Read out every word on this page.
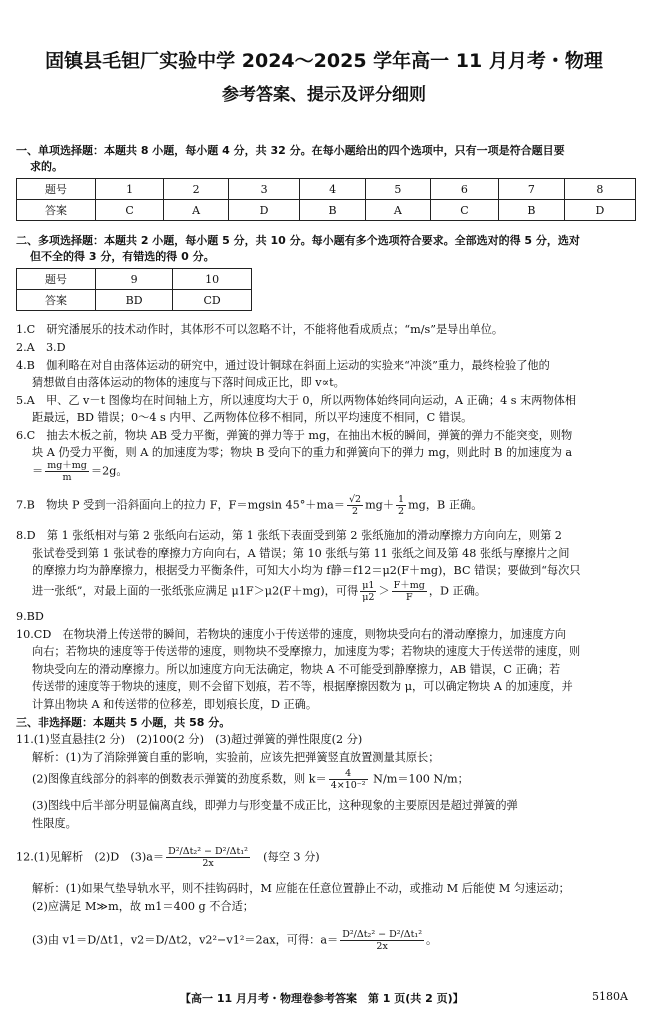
固镇县毛钽厂实验中学 2024～2025 学年高一 11 月月考・物理
参考答案、提示及评分细则
一、单项选择题：本题共 8 小题，每小题 4 分，共 32 分。在每小题给出的四个选项中，只有一项是符合题目要
求的。
题号	1	2	3	4	5	6	7	8
答案	C	A	D	B	A	C	B	D
二、多项选择题：本题共 2 小题，每小题 5 分，共 10 分。每小题有多个选项符合要求。全部选对的得 5 分，选对
但不全的得 3 分，有错选的得 0 分。
题号	9	10
答案	BD	CD
1.C　研究潘展乐的技术动作时，其体形不可以忽略不计，不能将他看成质点；“m/s”是导出单位。
2.A　3.D
4.B　伽利略在对自由落体运动的研究中，通过设计铜球在斜面上运动的实验来“冲淡”重力，最终检验了他的
猜想做自由落体运动的物体的速度与下落时间成正比，即 v∝t。
5.A　甲、乙 v－t 图像均在时间轴上方，所以速度均大于 0，所以两物体始终同向运动，A 正确；4 s 末两物体相
距最远，BD 错误；0～4 s 内甲、乙两物体位移不相同，所以平均速度不相同，C 错误。
6.C　抽去木板之前，物块 AB 受力平衡，弹簧的弹力等于 mg，在抽出木板的瞬间，弹簧的弹力不能突变，则物
块 A 仍受力平衡，则 A 的加速度为零；物块 B 受向下的重力和弹簧向下的弹力 mg，则此时 B 的加速度为 a
＝ $\frac{mg+mg}{m} =2g$。
7.B　物块 P 受到一沿斜面向上的拉力 F，F＝mgsin $45^\circ+ma= \frac{√2}{2} mg+ \frac{1}{2}$ mg，B 正确。
8.D　第 1 张纸相对与第 2 张纸向右运动，第 1 张纸下表面受到第 2 张纸施加的滑动摩擦力方向向左，则第 2
张试卷受到第 1 张试卷的摩擦力方向向右，A 错误；第 10 张纸与第 11 张纸之间及第 48 张纸与摩擦片之间
的摩擦力均为静摩擦力，根据受力平衡条件，可知大小均为 f静＝f12＝μ2(F＋mg)，BC 错误；要做到“每次只
进一张纸”，对最上面的一张纸张应满足 μ1F＞μ2(F＋mg)，可得 $\frac{\mu 1}{\mu 2} > \frac{F+mg}{F}$ ，D 正确。
9.BD
10.CD　在物块滑上传送带的瞬间，若物块的速度小于传送带的速度，则物块受向右的滑动摩擦力，加速度方向
向右；若物块的速度等于传送带的速度，则物块不受摩擦力，加速度为零；若物块的速度大于传送带的速度，则
物块受向左的滑动摩擦力。所以加速度方向无法确定，物块 A 不可能受到静摩擦力，AB 错误，C 正确；若
传送带的速度等于物块的速度，则不会留下划痕，若不等，根据摩擦因数为 μ，可以确定物块 A 的加速度，并
计算出物块 A 和传送带的位移差，即划痕长度，D 正确。
三、非选择题：本题共 5 小题，共 58 分。
11.(1)竖直悬挂(2 分)　(2)100(2 分)　(3)超过弹簧的弹性限度(2 分)
解析：(1)为了消除弹簧自重的影响，实验前，应该先把弹簧竖直放置测量其原长；
(2)图像直线部分的斜率的倒数表示弹簧的劲度系数，则 $k= \frac{4}{\text{4×10⁻²}} N/m=100$ N/m；
(3)图线中后半部分明显偏离直线，即弹力与形变量不成正比，这种现象的主要原因是超过弹簧的弹
性限度。
12.(1)见解析　(2)D　$(3)a= \frac{\text{D²/Δt₂² − D²/Δt₁²}}{2x}$ 　(每空 3 分)
解析：(1)如果气垫导轨水平，则不挂钩码时，M 应能在任意位置静止不动，或推动 M 后能使 M 匀速运动；
(2)应满足 M≫m，故 m1＝400 g 不合适；
(3)由 v1＝D/Δt1，v2＝D/Δt2，v2²−v1²＝2ax，可得：$a= \frac{\text{D²/Δt₂² − D²/Δt₁²}}{2x}$ 。
【高一 11 月月考・物理卷参考答案　第 1 页(共 2 页)】	5180A
